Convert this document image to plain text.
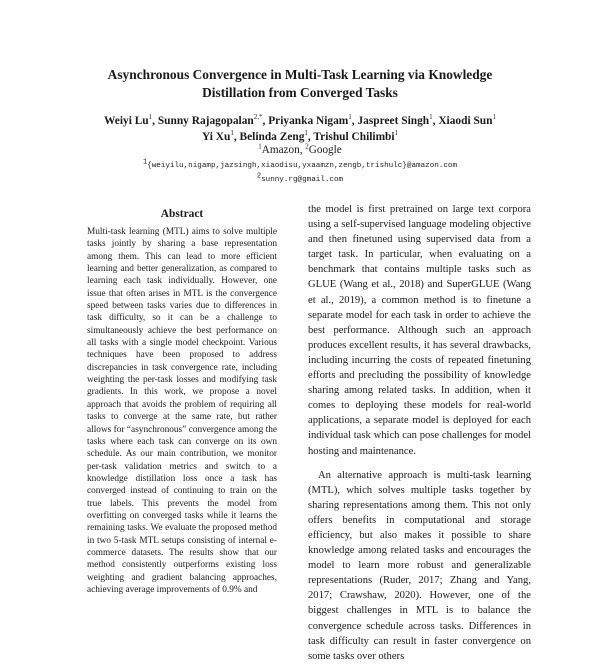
Asynchronous Convergence in Multi-Task Learning via Knowledge
Distillation from Converged Tasks
Weiyi Lu$^1$, Sunny Rajagopalan$^{2,*}$, Priyanka Nigam$^1$, Jaspreet Singh$^1$, Xiaodi Sun$^1$
Yi Xu$^1$, Belinda Zeng$^1$, Trishul Chilimbi$^1$
$^1$Amazon, $^2$Google
$^1${weiyilu,nigamp,jazsingh,xiaodisu,yxaamzn,zengb,trishulc}@amazon.com
$^2$sunny.rg@gmail.com
Abstract
Multi-task learning (MTL) aims to solve multiple tasks jointly by sharing a base representation among them. This can lead to more efficient learning and better generalization, as compared to learning each task individually. However, one issue that often arises in MTL is the convergence speed between tasks varies due to differences in task difficulty, so it can be a challenge to simultaneously achieve the best performance on all tasks with a single model checkpoint. Various techniques have been proposed to address discrepancies in task convergence rate, including weighting the per-task losses and modifying task gradients. In this work, we propose a novel approach that avoids the problem of requiring all tasks to converge at the same rate, but rather allows for “asynchronous” convergence among the tasks where each task can converge on its own schedule. As our main contribution, we monitor per-task validation metrics and switch to a knowledge distillation loss once a task has converged instead of continuing to train on the true labels. This prevents the model from overfitting on converged tasks while it learns the remaining tasks. We evaluate the proposed method in two 5-task MTL setups consisting of internal e-commerce datasets. The results show that our method consistently outperforms existing loss weighting and gradient balancing approaches, achieving average improvements of 0.9% and

the model is first pretrained on large text corpora using a self-supervised language modeling objective and then finetuned using supervised data from a target task. In particular, when evaluating on a benchmark that contains multiple tasks such as GLUE (Wang et al., 2018) and SuperGLUE (Wang et al., 2019), a common method is to finetune a separate model for each task in order to achieve the best performance. Although such an approach produces excellent results, it has several drawbacks, including incurring the costs of repeated finetuning efforts and precluding the possibility of knowledge sharing among related tasks. In addition, when it comes to deploying these models for real-world applications, a separate model is deployed for each individual task which can pose challenges for model hosting and maintenance.

An alternative approach is multi-task learning (MTL), which solves multiple tasks together by sharing representations among them. This not only offers benefits in computational and storage efficiency, but also makes it possible to share knowledge among related tasks and encourages the model to learn more robust and generalizable representations (Ruder, 2017; Zhang and Yang, 2017; Crawshaw, 2020). However, one of the biggest challenges in MTL is to balance the convergence schedule across tasks. Differences in task difficulty can result in faster convergence on some tasks over others
